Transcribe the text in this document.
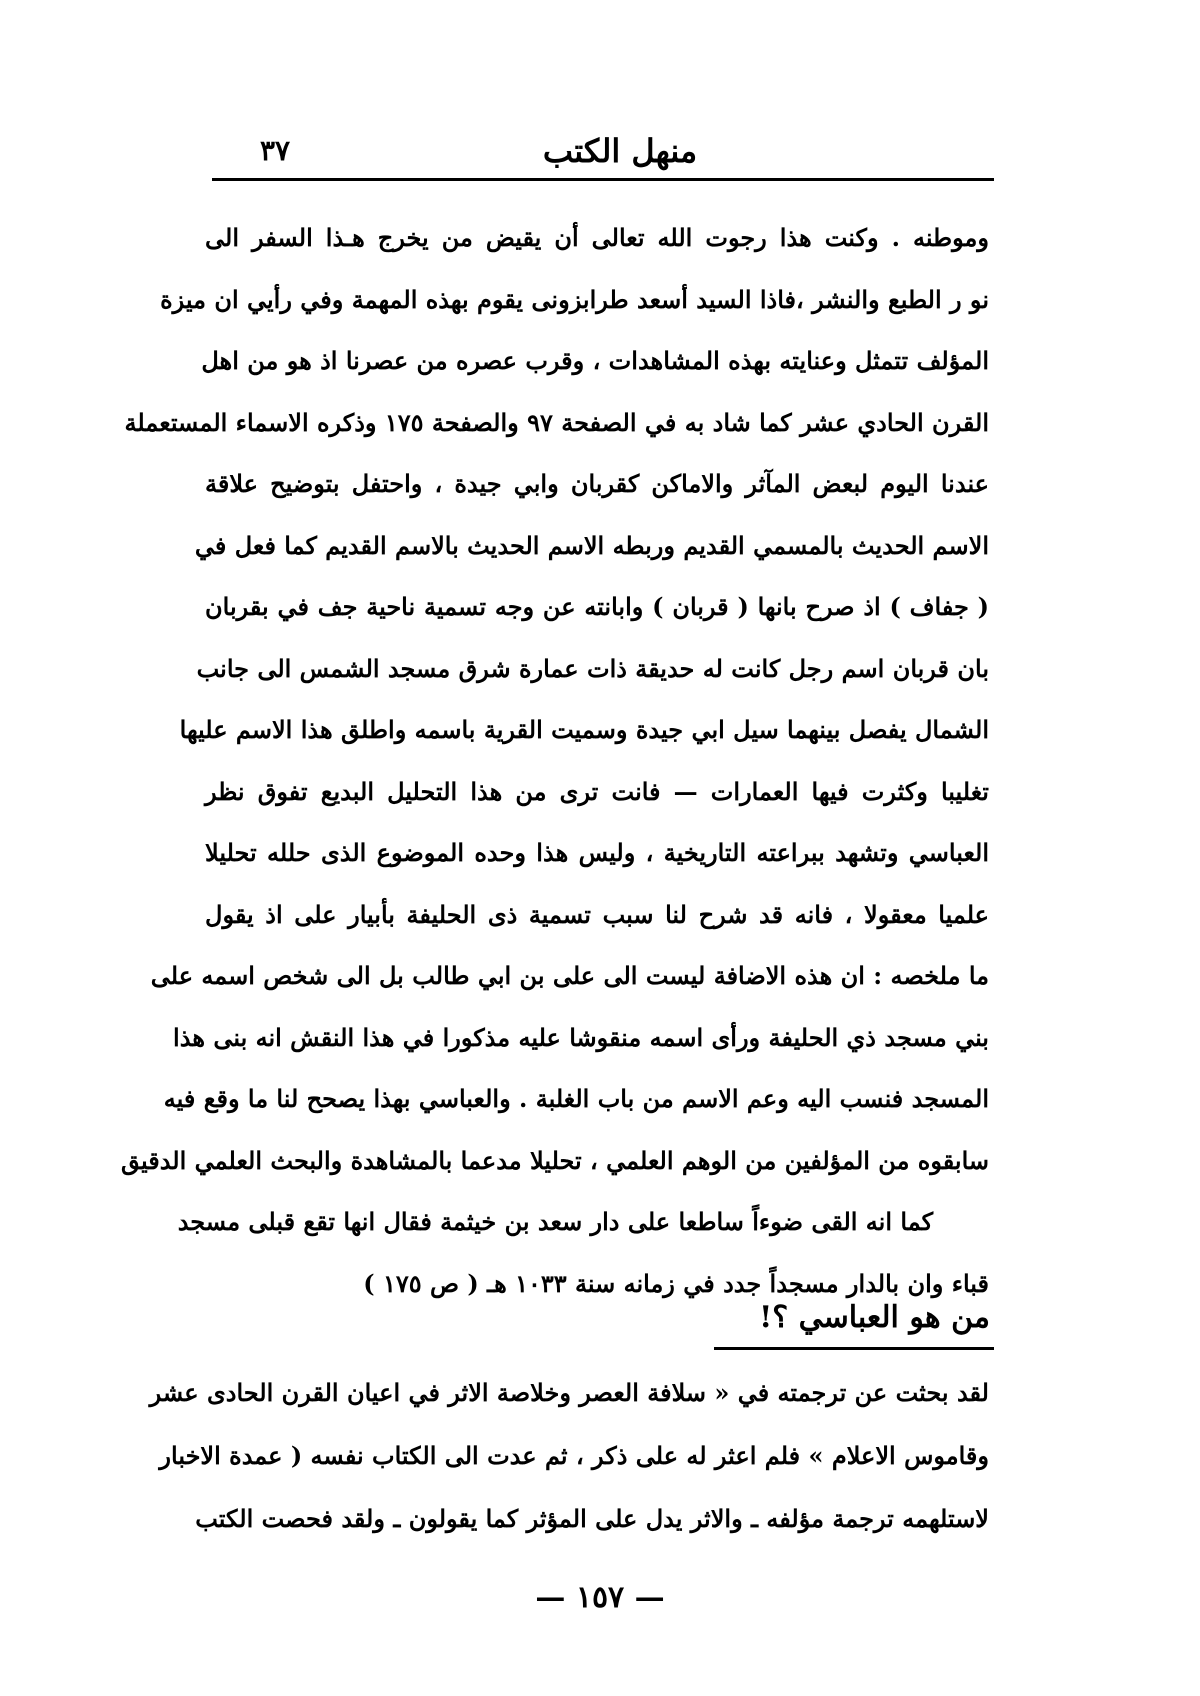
٣٧	منهل الكتب
وموطنه . وكنت هذا رجوت الله تعالى أن يقيض من يخرج هـذا السفر الى
نو ر الطبع والنشر ،فاذا السيد أسعد طرابزونى يقوم بهذه المهمة وفي رأيي ان ميزة
المؤلف تتمثل وعنايته بهذه المشاهدات ، وقرب عصره من عصرنا اذ هو من اهل
القرن الحادي عشر كما شاد به في الصفحة ٩٧ والصفحة ١٧٥ وذكره الاسماء المستعملة
عندنا اليوم لبعض المآثر والاماكن كقربان وابي جيدة ، واحتفل بتوضيح علاقة
الاسم الحديث بالمسمي القديم وربطه الاسم الحديث بالاسم القديم كما فعل في
( جفاف ) اذ صرح بانها ( قربان ) وابانته عن وجه تسمية ناحية جف في بقربان
بان قربان اسم رجل كانت له حديقة ذات عمارة شرق مسجد الشمس الى جانب
الشمال يفصل بينهما سيل ابي جيدة وسميت القرية باسمه واطلق هذا الاسم عليها
تغليبا وكثرت فيها العمارات — فانت ترى من هذا التحليل البديع تفوق نظر
العباسي وتشهد ببراعته التاريخية ، وليس هذا وحده الموضوع الذى حلله تحليلا
علميا معقولا ، فانه قد شرح لنا سبب تسمية ذى الحليفة بأبيار على اذ يقول
ما ملخصه : ان هذه الاضافة ليست الى على بن ابي طالب بل الى شخص اسمه على
بني مسجد ذي الحليفة ورأى اسمه منقوشا عليه مذكورا في هذا النقش انه بنى هذا
المسجد فنسب اليه وعم الاسم من باب الغلبة . والعباسي بهذا يصحح لنا ما وقع فيه
سابقوه من المؤلفين من الوهم العلمي ، تحليلا مدعما بالمشاهدة والبحث العلمي الدقيق
كما انه القى ضوءاً ساطعا على دار سعد بن خيثمة فقال انها تقع قبلى مسجد
قباء وان بالدار مسجداً جدد في زمانه سنة ١٠٣٣ هـ ( ص ١٧٥ )
من هو العباسي ؟!
لقد بحثت عن ترجمته في « سلافة العصر وخلاصة الاثر في اعيان القرن الحادى عشر
وقاموس الاعلام » فلم اعثر له على ذكر ، ثم عدت الى الكتاب نفسه ( عمدة الاخبار
لاستلهمه ترجمة مؤلفه ـ والاثر يدل على المؤثر كما يقولون ـ ولقد فحصت الكتب
— ١٥٧ —
